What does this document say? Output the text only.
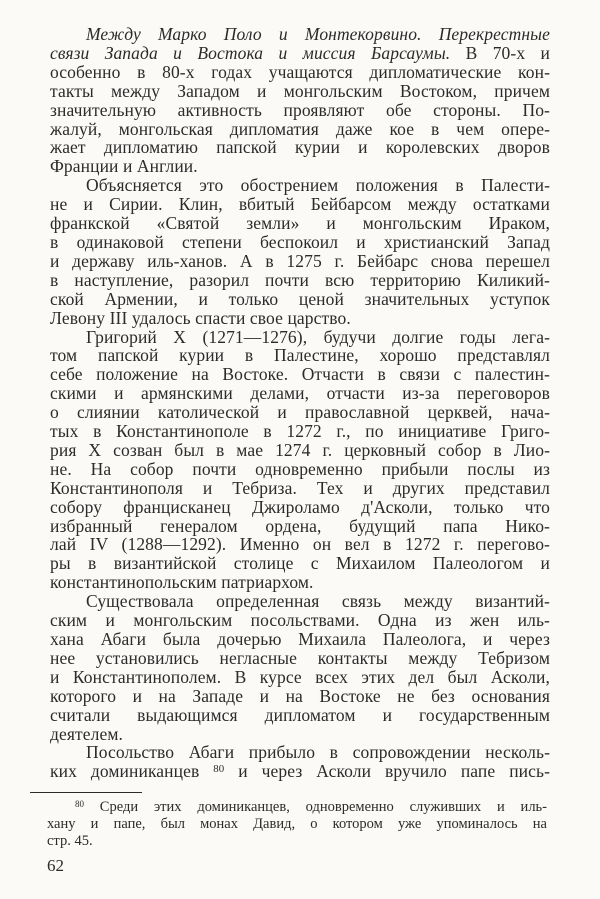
Между Марко Поло и Монтекорвино. Перекрестные
связи Запада и Востока и миссия Барсаумы. В 70-х и
особенно в 80-х годах учащаются дипломатические кон-
такты между Западом и монгольским Востоком, причем
значительную активность проявляют обе стороны. По-
жалуй, монгольская дипломатия даже кое в чем опере-
жает дипломатию папской курии и королевских дворов
Франции и Англии.
Объясняется это обострением положения в Палести-
не и Сирии. Клин, вбитый Бейбарсом между остатками
франкской «Святой земли» и монгольским Ираком,
в одинаковой степени беспокоил и христианский Запад
и державу иль-ханов. А в 1275 г. Бейбарс снова перешел
в наступление, разорил почти всю территорию Киликий-
ской Армении, и только ценой значительных уступок
Левону III удалось спасти свое царство.
Григорий X (1271—1276), будучи долгие годы лега-
том папской курии в Палестине, хорошо представлял
себе положение на Востоке. Отчасти в связи с палестин-
скими и армянскими делами, отчасти из-за переговоров
о слиянии католической и православной церквей, нача-
тых в Константинополе в 1272 г., по инициативе Григо-
рия X созван был в мае 1274 г. церковный собор в Лио-
не. На собор почти одновременно прибыли послы из
Константинополя и Тебриза. Тех и других представил
собору францисканец Джироламо д'Асколи, только что
избранный генералом ордена, будущий папа Нико-
лай IV (1288—1292). Именно он вел в 1272 г. перегово-
ры в византийской столице с Михаилом Палеологом и
константинопольским патриархом.
Существовала определенная связь между византий-
ским и монгольским посольствами. Одна из жен иль-
хана Абаги была дочерью Михаила Палеолога, и через
нее установились негласные контакты между Тебризом
и Константинополем. В курсе всех этих дел был Асколи,
которого и на Западе и на Востоке не без основания
считали выдающимся дипломатом и государственным
деятелем.
Посольство Абаги прибыло в сопровождении несколь-
ких доминиканцев $^{80}$ и через Асколи вручило папе пись-
$^{80}$ Среди этих доминиканцев, одновременно служивших и иль-
хану и папе, был монах Давид, о котором уже упоминалось на
стр. 45.
62
